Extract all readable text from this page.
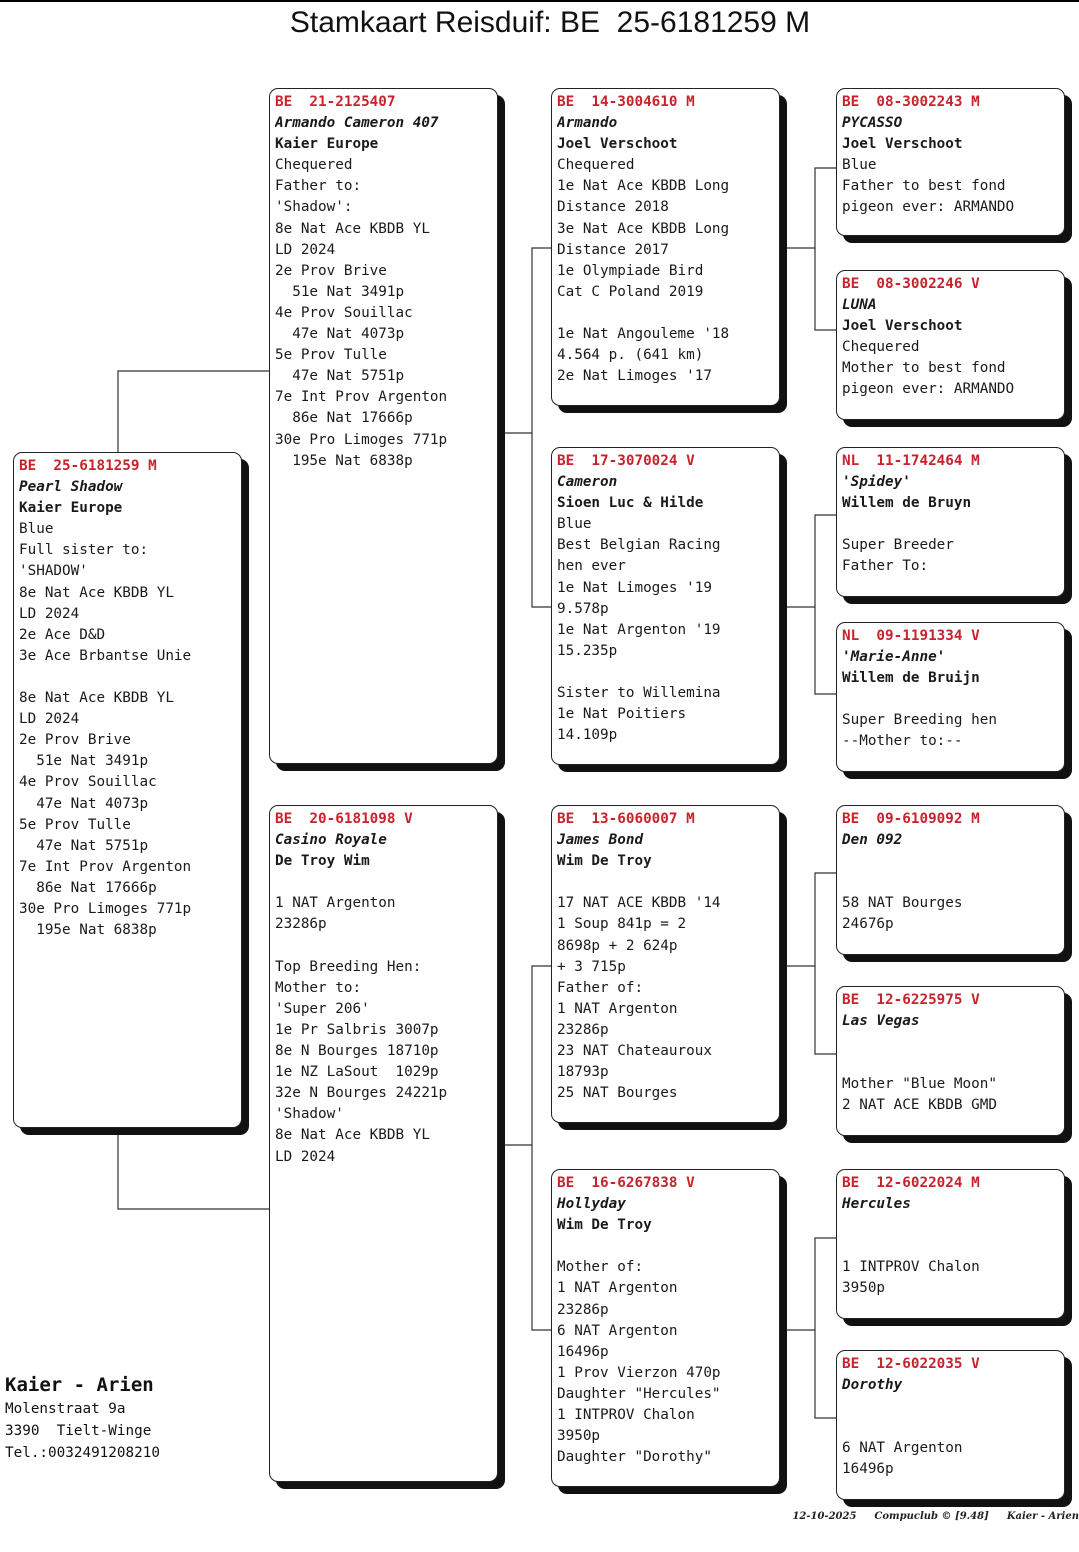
Stamkaart Reisduif: BE  25-6181259 M
BE  25-6181259 M
Pearl Shadow
Kaier Europe
Blue
Full sister to:
'SHADOW'
8e Nat Ace KBDB YL
LD 2024
2e Ace D&D
3e Ace Brbantse Unie
8e Nat Ace KBDB YL
LD 2024
2e Prov Brive
51e Nat 3491p
4e Prov Souillac
47e Nat 4073p
5e Prov Tulle
47e Nat 5751p
7e Int Prov Argenton
86e Nat 17666p
30e Pro Limoges 771p
195e Nat 6838p
BE  21-2125407
Armando Cameron 407
Kaier Europe
Chequered
Father to:
'Shadow':
8e Nat Ace KBDB YL
LD 2024
2e Prov Brive
51e Nat 3491p
4e Prov Souillac
47e Nat 4073p
5e Prov Tulle
47e Nat 5751p
7e Int Prov Argenton
86e Nat 17666p
30e Pro Limoges 771p
195e Nat 6838p
BE  20-6181098 V
Casino Royale
De Troy Wim
1 NAT Argenton
23286p
Top Breeding Hen:
Mother to:
'Super 206'
1e Pr Salbris 3007p
8e N Bourges 18710p
1e NZ LaSout  1029p
32e N Bourges 24221p
'Shadow'
8e Nat Ace KBDB YL
LD 2024
BE  14-3004610 M
Armando
Joel Verschoot
Chequered
1e Nat Ace KBDB Long
Distance 2018
3e Nat Ace KBDB Long
Distance 2017
1e Olympiade Bird
Cat C Poland 2019
1e Nat Angouleme '18
4.564 p. (641 km)
2e Nat Limoges '17
BE  17-3070024 V
Cameron
Sioen Luc & Hilde
Blue
Best Belgian Racing
hen ever
1e Nat Limoges '19
9.578p
1e Nat Argenton '19
15.235p
Sister to Willemina
1e Nat Poitiers
14.109p
BE  13-6060007 M
James Bond
Wim De Troy
17 NAT ACE KBDB '14
1 Soup 841p = 2
8698p + 2 624p
+ 3 715p
Father of:
1 NAT Argenton
23286p
23 NAT Chateauroux
18793p
25 NAT Bourges
BE  16-6267838 V
Hollyday
Wim De Troy
Mother of:
1 NAT Argenton
23286p
6 NAT Argenton
16496p
1 Prov Vierzon 470p
Daughter "Hercules"
1 INTPROV Chalon
3950p
Daughter "Dorothy"
BE  08-3002243 M
PYCASSO
Joel Verschoot
Blue
Father to best fond
pigeon ever: ARMANDO
BE  08-3002246 V
LUNA
Joel Verschoot
Chequered
Mother to best fond
pigeon ever: ARMANDO
NL  11-1742464 M
'Spidey'
Willem de Bruyn
Super Breeder
Father To:
NL  09-1191334 V
'Marie-Anne'
Willem de Bruijn
Super Breeding hen
--Mother to:--
BE  09-6109092 M
Den 092
58 NAT Bourges
24676p
BE  12-6225975 V
Las Vegas
Mother "Blue Moon"
2 NAT ACE KBDB GMD
BE  12-6022024 M
Hercules
1 INTPROV Chalon
3950p
BE  12-6022035 V
Dorothy
6 NAT Argenton
16496p
Kaier - Arien
Molenstraat 9a
3390  Tielt-Winge
Tel.:0032491208210
12-10-2025 Compuclub © [9.48] Kaier - Arien
